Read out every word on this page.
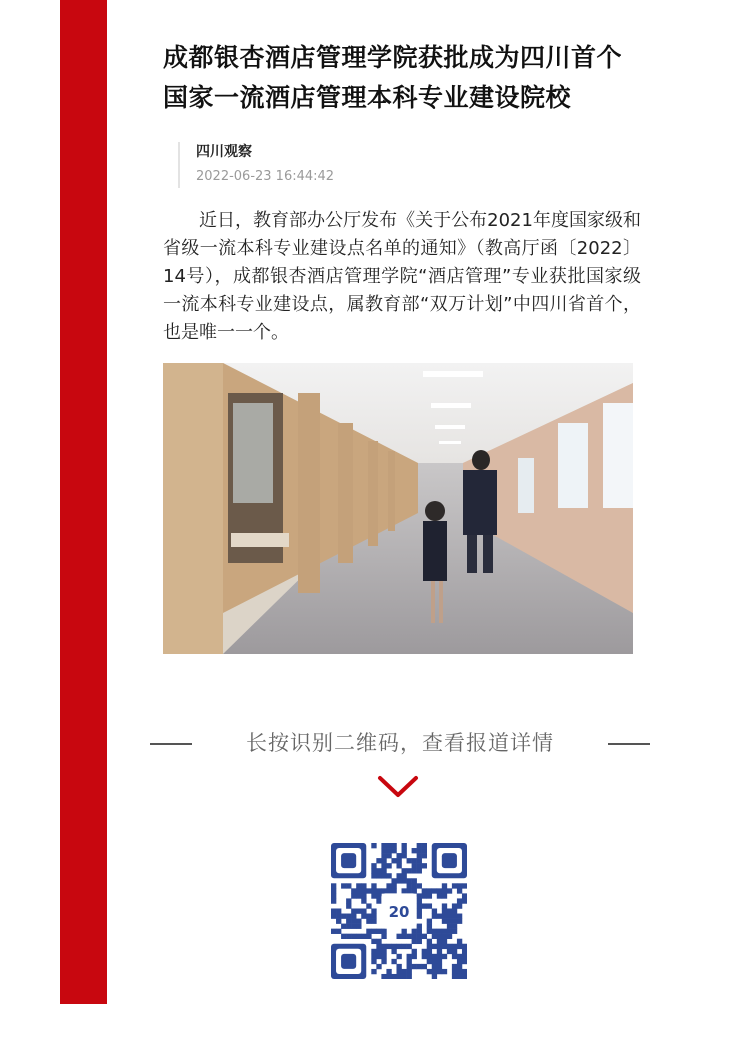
成都银杏酒店管理学院获批成为四川首个国家一流酒店管理本科专业建设院校
四川观察
2022-06-23 16:44:42
近日，教育部办公厅发布《关于公布2021年度国家级和省级一流本科专业建设点名单的通知》（教高厅函〔2022〕14号），成都银杏酒店管理学院“酒店管理”专业获批国家级一流本科专业建设点，属教育部“双万计划”中四川省首个，也是唯一一个。
长按识别二维码，查看报道详情
20
